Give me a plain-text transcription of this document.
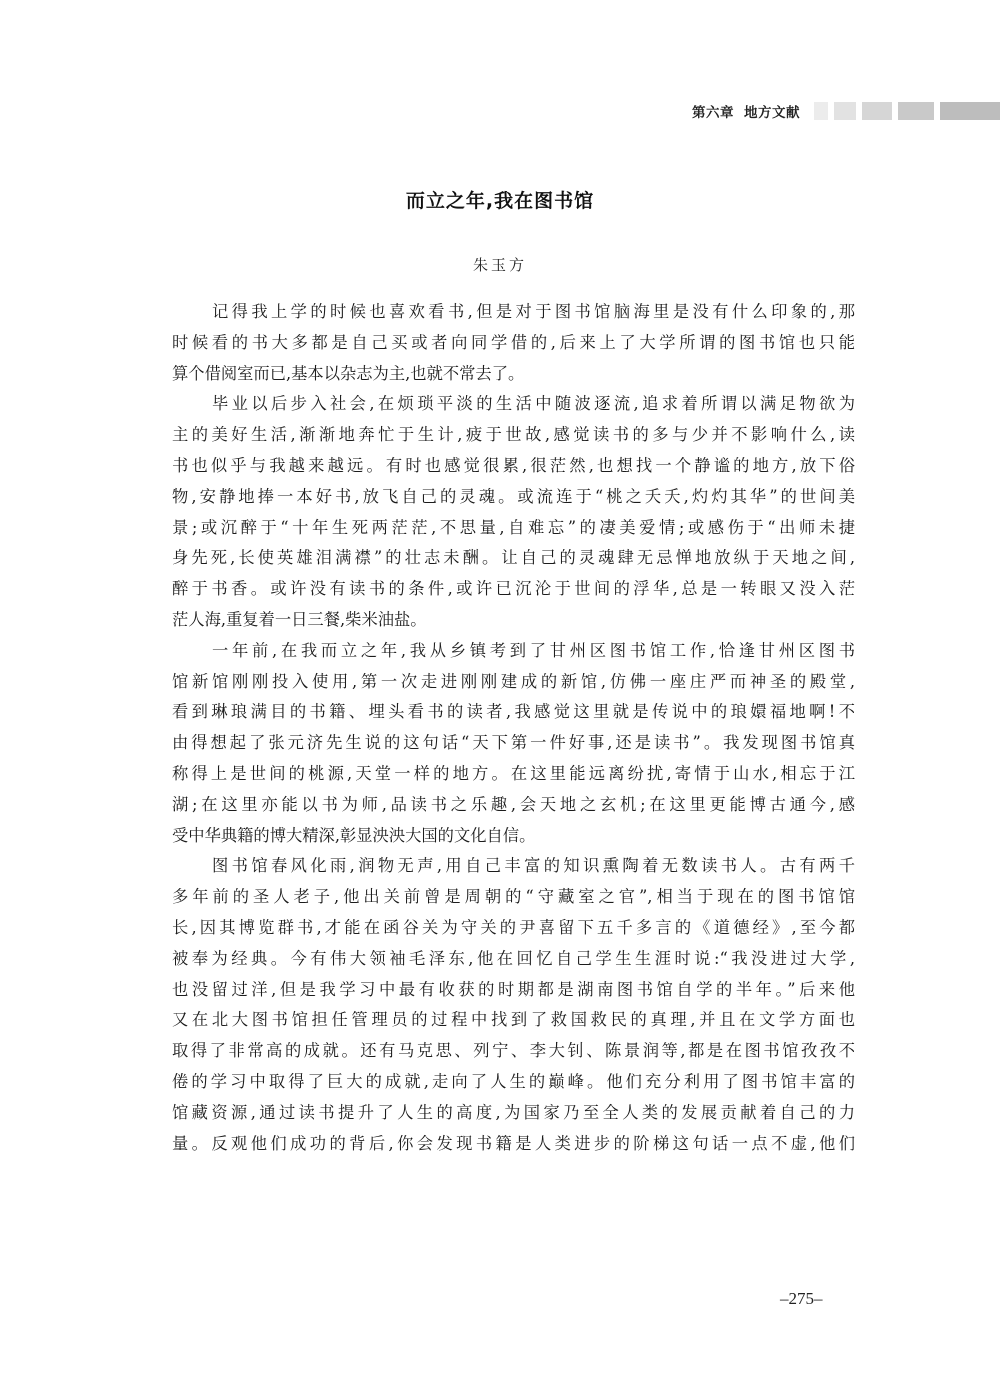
第六章 地方文献
而立之年,我在图书馆
朱玉方
记得我上学的时候也喜欢看书,但是对于图书馆脑海里是没有什么印象的,那
时候看的书大多都是自己买或者向同学借的,后来上了大学所谓的图书馆也只能
算个借阅室而已,基本以杂志为主,也就不常去了。
毕业以后步入社会,在烦琐平淡的生活中随波逐流,追求着所谓以满足物欲为
主的美好生活,渐渐地奔忙于生计,疲于世故,感觉读书的多与少并不影响什么,读
书也似乎与我越来越远。有时也感觉很累,很茫然,也想找一个静谧的地方,放下俗
物,安静地捧一本好书,放飞自己的灵魂。或流连于“桃之夭夭,灼灼其华”的世间美
景;或沉醉于“十年生死两茫茫,不思量,自难忘”的凄美爱情;或感伤于“出师未捷
身先死,长使英雄泪满襟”的壮志未酬。让自己的灵魂肆无忌惮地放纵于天地之间,
醉于书香。或许没有读书的条件,或许已沉沦于世间的浮华,总是一转眼又没入茫
茫人海,重复着一日三餐,柴米油盐。
一年前,在我而立之年,我从乡镇考到了甘州区图书馆工作,恰逢甘州区图书
馆新馆刚刚投入使用,第一次走进刚刚建成的新馆,仿佛一座庄严而神圣的殿堂,
看到琳琅满目的书籍、埋头看书的读者,我感觉这里就是传说中的琅嬛福地啊!不
由得想起了张元济先生说的这句话“天下第一件好事,还是读书”。我发现图书馆真
称得上是世间的桃源,天堂一样的地方。在这里能远离纷扰,寄情于山水,相忘于江
湖;在这里亦能以书为师,品读书之乐趣,会天地之玄机;在这里更能博古通今,感
受中华典籍的博大精深,彰显泱泱大国的文化自信。
图书馆春风化雨,润物无声,用自己丰富的知识熏陶着无数读书人。古有两千
多年前的圣人老子,他出关前曾是周朝的“守藏室之官”,相当于现在的图书馆馆
长,因其博览群书,才能在函谷关为守关的尹喜留下五千多言的《道德经》,至今都
被奉为经典。今有伟大领袖毛泽东,他在回忆自己学生生涯时说:“我没进过大学,
也没留过洋,但是我学习中最有收获的时期都是湖南图书馆自学的半年。”后来他
又在北大图书馆担任管理员的过程中找到了救国救民的真理,并且在文学方面也
取得了非常高的成就。还有马克思、列宁、李大钊、陈景润等,都是在图书馆孜孜不
倦的学习中取得了巨大的成就,走向了人生的巅峰。他们充分利用了图书馆丰富的
馆藏资源,通过读书提升了人生的高度,为国家乃至全人类的发展贡献着自己的力
量。反观他们成功的背后,你会发现书籍是人类进步的阶梯这句话一点不虚,他们
–275–
